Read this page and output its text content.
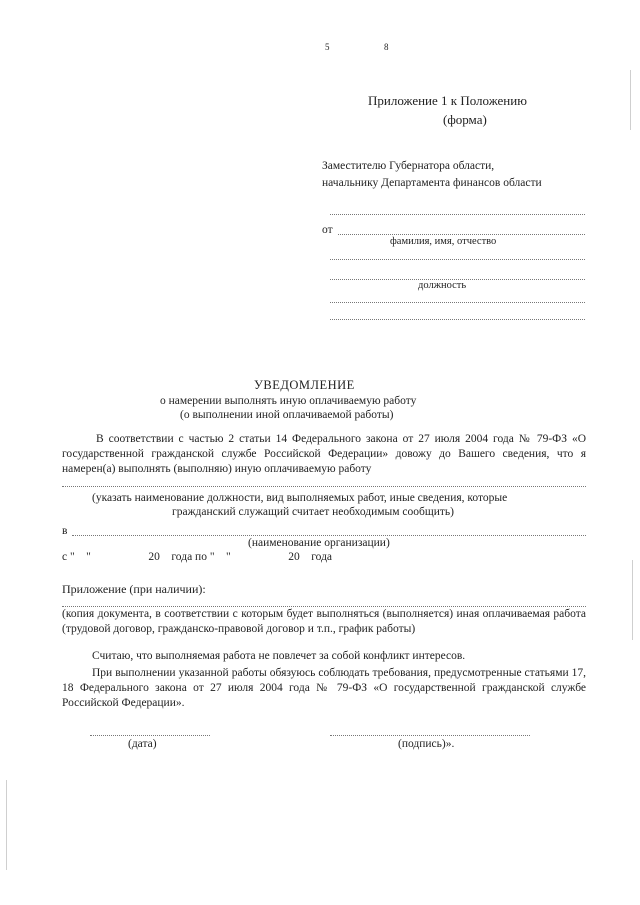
5	8
Приложение 1 к Положению
(форма)
Заместителю Губернатора области,
начальнику Департамента финансов области
от
фамилия, имя, отчество
должность
УВЕДОМЛЕНИЕ
о намерении выполнять иную оплачиваемую работу
(о выполнении иной оплачиваемой работы)
В соответствии с частью 2 статьи 14 Федерального закона от 27 июля 2004 года № 79-ФЗ «О государственной гражданской службе Российской Федерации» довожу до Вашего сведения, что я намерен(а) выполнять (выполняю) иную оплачиваемую работу
(указать наименование должности, вид выполняемых работ, иные сведения, которые
гражданский служащий считает необходимым сообщить)
в
(наименование организации)
с "    "                    20    года по "    "                    20    года
Приложение (при наличии):
(копия документа, в соответствии с которым будет выполняться (выполняется) иная оплачиваемая работа (трудовой договор, гражданско-правовой договор и т.п., график работы)
Считаю, что выполняемая работа не повлечет за собой конфликт интересов.
При выполнении указанной работы обязуюсь соблюдать требования, предусмотренные статьями 17, 18 Федерального закона от 27 июля 2004 года № 79-ФЗ «О государственной гражданской службе Российской Федерации».
(дата)	(подпись)».
